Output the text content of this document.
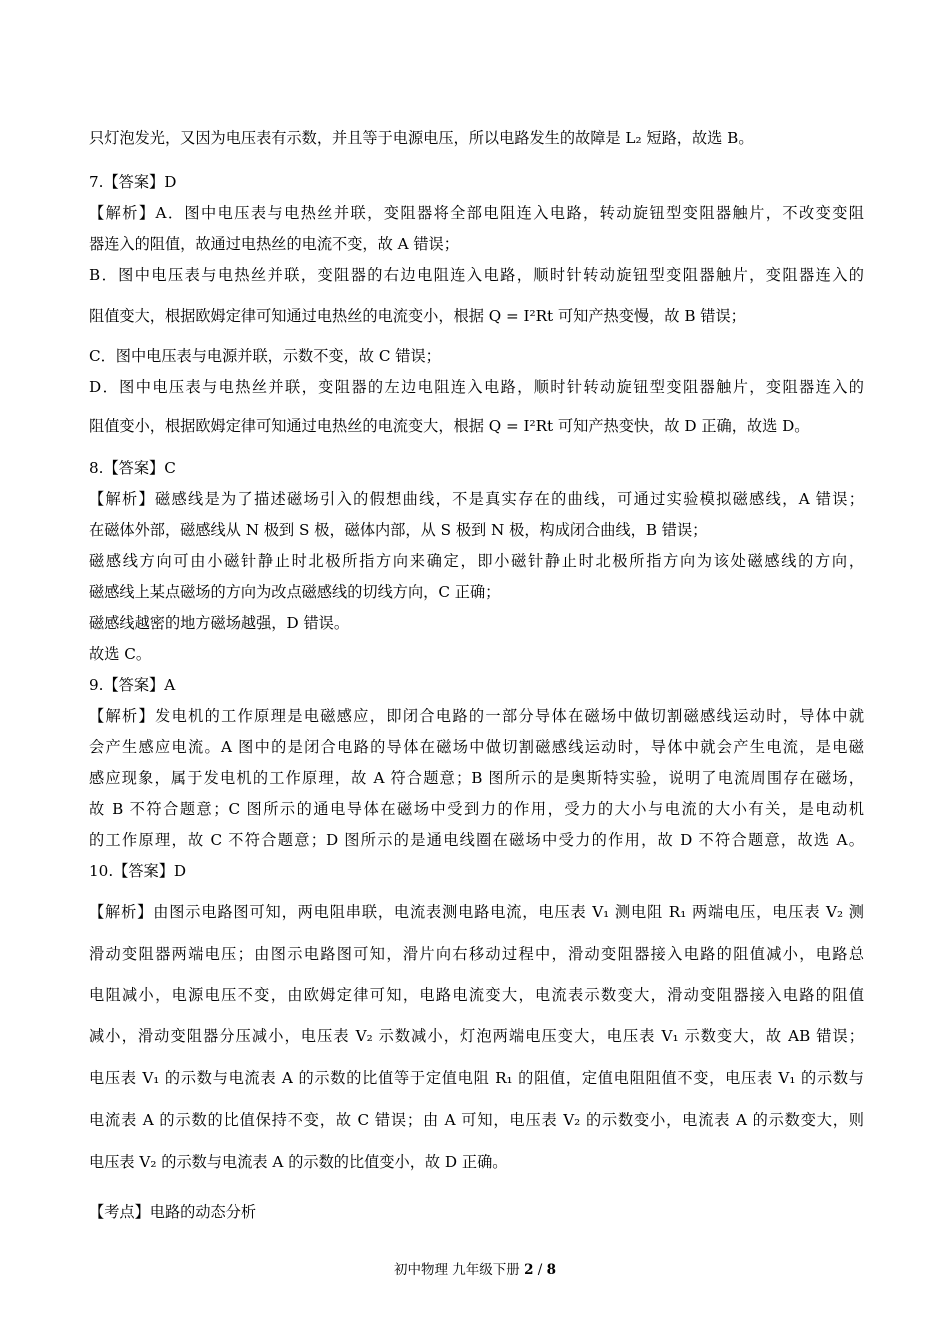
只灯泡发光，又因为电压表有示数，并且等于电源电压，所以电路发生的故障是 L₂ 短路，故选 B。
7.【答案】D
【解析】A．图中电压表与电热丝并联，变阻器将全部电阻连入电路，转动旋钮型变阻器触片，不改变变阻
器连入的阻值，故通过电热丝的电流不变，故 A 错误；
B．图中电压表与电热丝并联，变阻器的右边电阻连入电路，顺时针转动旋钮型变阻器触片，变阻器连入的
阻值变大，根据欧姆定律可知通过电热丝的电流变小，根据 Q = I²Rt 可知产热变慢，故 B 错误；
C．图中电压表与电源并联，示数不变，故 C 错误；
D．图中电压表与电热丝并联，变阻器的左边电阻连入电路，顺时针转动旋钮型变阻器触片，变阻器连入的
阻值变小，根据欧姆定律可知通过电热丝的电流变大，根据 Q = I²Rt 可知产热变快，故 D 正确，故选 D。
8.【答案】C
【解析】磁感线是为了描述磁场引入的假想曲线，不是真实存在的曲线，可通过实验模拟磁感线，A 错误；
在磁体外部，磁感线从 N 极到 S 极，磁体内部，从 S 极到 N 极，构成闭合曲线，B 错误；
磁感线方向可由小磁针静止时北极所指方向来确定，即小磁针静止时北极所指方向为该处磁感线的方向，
磁感线上某点磁场的方向为改点磁感线的切线方向，C 正确；
磁感线越密的地方磁场越强，D 错误。
故选 C。
9.【答案】A
【解析】发电机的工作原理是电磁感应，即闭合电路的一部分导体在磁场中做切割磁感线运动时，导体中就
会产生感应电流。A 图中的是闭合电路的导体在磁场中做切割磁感线运动时，导体中就会产生电流，是电磁
感应现象，属于发电机的工作原理，故 A 符合题意；B 图所示的是奥斯特实验，说明了电流周围存在磁场，
故 B 不符合题意；C 图所示的通电导体在磁场中受到力的作用，受力的大小与电流的大小有关，是电动机
的工作原理，故 C 不符合题意；D 图所示的是通电线圈在磁场中受力的作用，故 D 不符合题意，故选 A。
10.【答案】D
【解析】由图示电路图可知，两电阻串联，电流表测电路电流，电压表 V₁ 测电阻 R₁ 两端电压，电压表 V₂ 测
滑动变阻器两端电压；由图示电路图可知，滑片向右移动过程中，滑动变阻器接入电路的阻值减小，电路总
电阻减小，电源电压不变，由欧姆定律可知，电路电流变大，电流表示数变大，滑动变阻器接入电路的阻值
减小，滑动变阻器分压减小，电压表 V₂ 示数减小，灯泡两端电压变大，电压表 V₁ 示数变大，故 AB 错误；
电压表 V₁ 的示数与电流表 A 的示数的比值等于定值电阻 R₁ 的阻值，定值电阻阻值不变，电压表 V₁ 的示数与
电流表 A 的示数的比值保持不变，故 C 错误；由 A 可知，电压表 V₂ 的示数变小，电流表 A 的示数变大，则
电压表 V₂ 的示数与电流表 A 的示数的比值变小，故 D 正确。
【考点】电路的动态分析
初中物理 九年级下册 2 / 8
